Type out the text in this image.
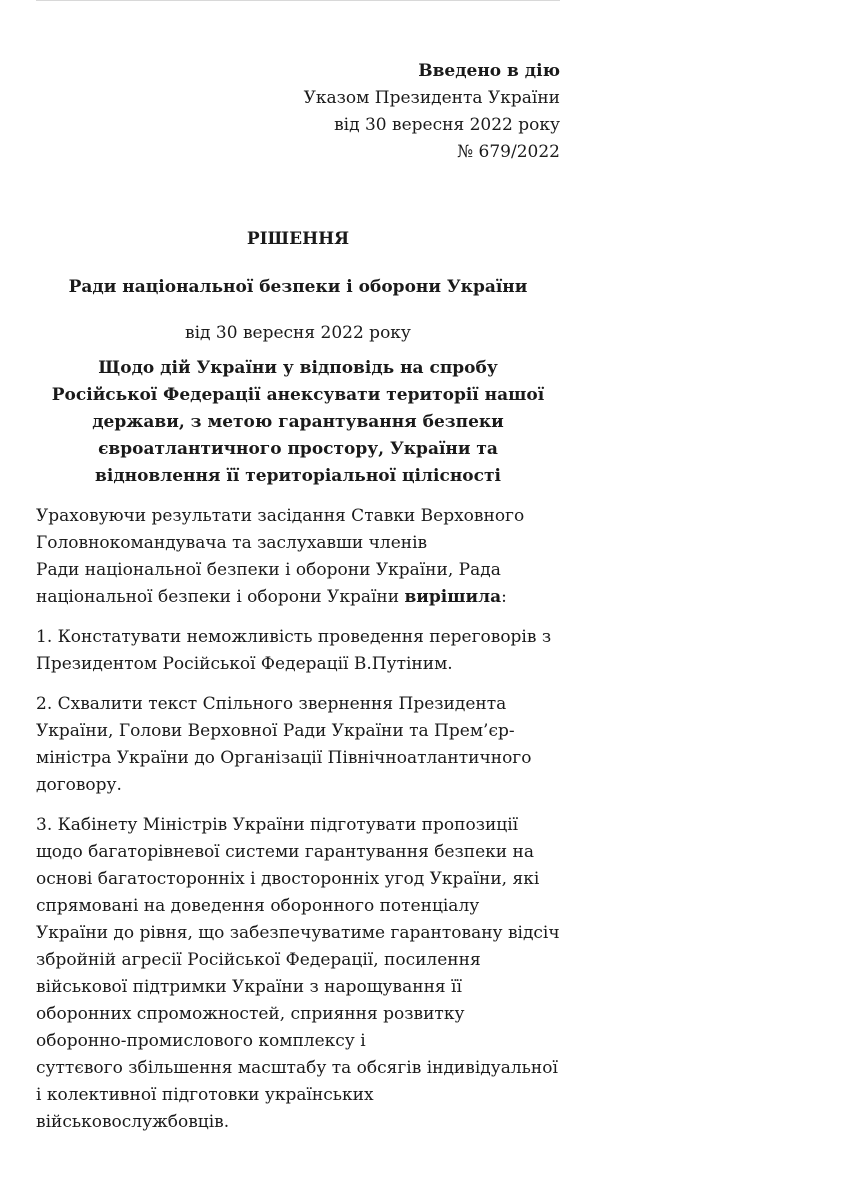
Введено в дію
Указом Президента України
від 30 вересня 2022 року
№ 679/2022

РІШЕННЯ

Ради національної безпеки і оборони України

від 30 вересня 2022 року

Щодо дій України у відповідь на спробу
Російської Федерації анексувати території нашої
держави, з метою гарантування безпеки
євроатлантичного простору, України та
відновлення її територіальної цілісності
Ураховуючи результати засідання Ставки Верховного
Головнокомандувача та заслухавши членів
Ради національної безпеки і оборони України, Рада
національної безпеки і оборони України вирішила:
1. Констатувати неможливість проведення переговорів з
Президентом Російської Федерації В.Путіним.
2. Схвалити текст Спільного звернення Президента
України, Голови Верховної Ради України та Прем’єр-
міністра України до Організації Північноатлантичного
договору.
3. Кабінету Міністрів України підготувати пропозиції
щодо багаторівневої системи гарантування безпеки на
основі багатосторонніх і двосторонніх угод України, які
спрямовані на доведення оборонного потенціалу
України до рівня, що забезпечуватиме гарантовану відсіч
збройній агресії Російської Федерації, посилення
військової підтримки України з нарощування її
оборонних спроможностей, сприяння розвитку
оборонно-промислового комплексу і
суттєвого збільшення масштабу та обсягів індивідуальної
і колективної підготовки українських
військовослужбовців.
